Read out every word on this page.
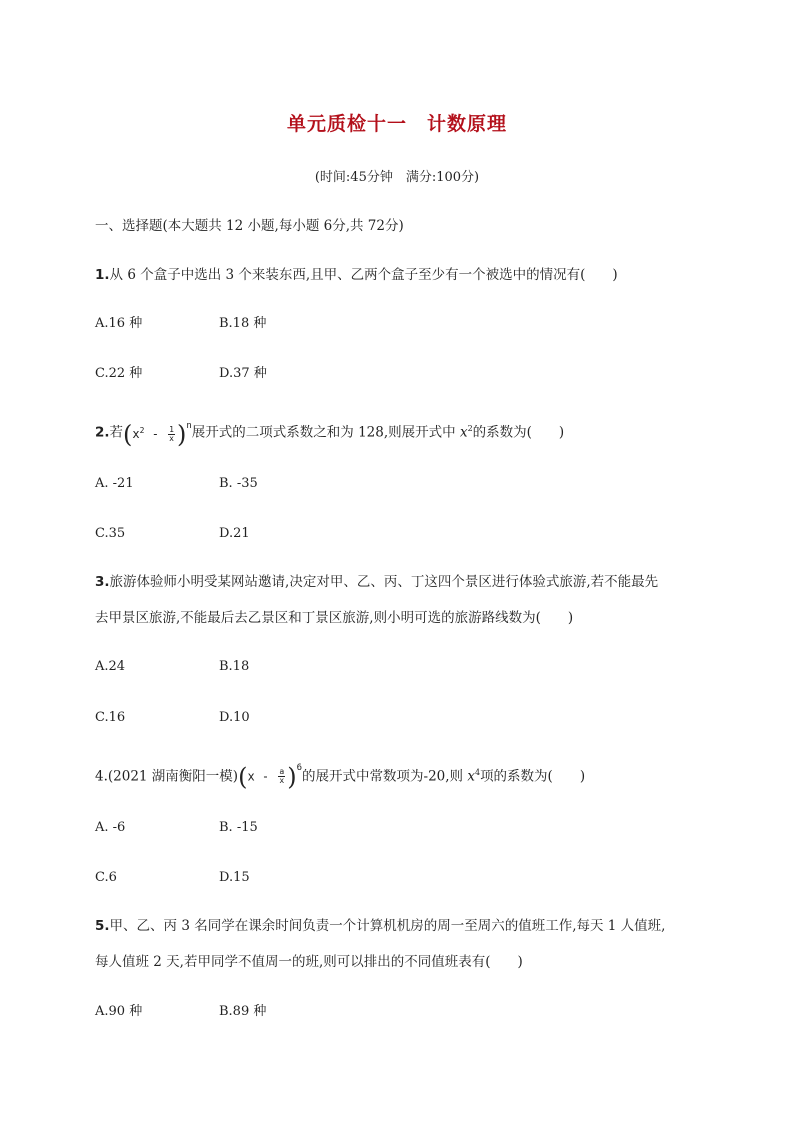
单元质检十一　计数原理
(时间:45分钟　满分:100分)
一、选择题(本大题共 12 小题,每小题 6分,共 72分)
1.从 6 个盒子中选出 3 个来装东西,且甲、乙两个盒子至少有一个被选中的情况有(　　)
A.16 种	B.18 种
C.22 种	D.37 种
2.若$(x^2 - \frac{1}{x} )^n$展开式的二项式系数之和为 128,则展开式中 $x^2$的系数为(　　)
A. -21	B. -35
C.35	D.21
3.旅游体验师小明受某网站邀请,决定对甲、乙、丙、丁这四个景区进行体验式旅游,若不能最先
去甲景区旅游,不能最后去乙景区和丁景区旅游,则小明可选的旅游路线数为(　　)
A.24	B.18
C.16	D.10
4.(2021 湖南衡阳一模)$(x - \frac{a}{x} )^6$的展开式中常数项为-20,则 $x^4$项的系数为(　　)
A. -6	B. -15
C.6	D.15
5.甲、乙、丙 3 名同学在课余时间负责一个计算机机房的周一至周六的值班工作,每天 1 人值班,
每人值班 2 天,若甲同学不值周一的班,则可以排出的不同值班表有(　　)
A.90 种	B.89 种
